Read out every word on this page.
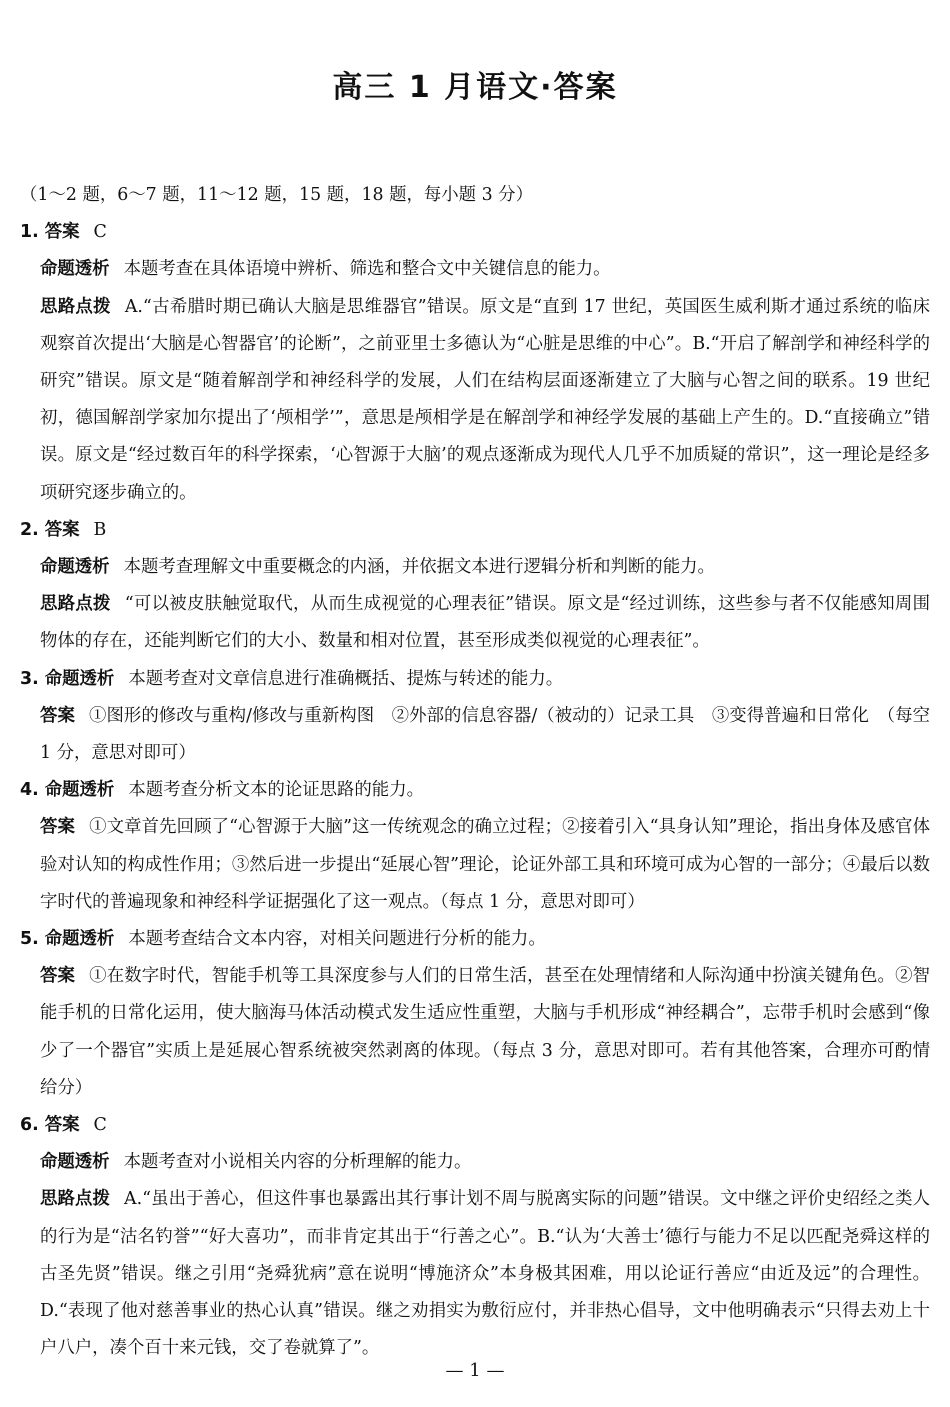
高三 1 月语文·答案
（1～2 题，6～7 题，11～12 题，15 题，18 题，每小题 3 分）
1. 答案 C
命题透析 本题考查在具体语境中辨析、筛选和整合文中关键信息的能力。
思路点拨 A.“古希腊时期已确认大脑是思维器官”错误。原文是“直到 17 世纪，英国医生威利斯才通过系统的临床观察首次提出‘大脑是心智器官’的论断”，之前亚里士多德认为“心脏是思维的中心”。B.“开启了解剖学和神经科学的研究”错误。原文是“随着解剖学和神经科学的发展，人们在结构层面逐渐建立了大脑与心智之间的联系。19 世纪初，德国解剖学家加尔提出了‘颅相学’”，意思是颅相学是在解剖学和神经学发展的基础上产生的。D.“直接确立”错误。原文是“经过数百年的科学探索，‘心智源于大脑’的观点逐渐成为现代人几乎不加质疑的常识”，这一理论是经多项研究逐步确立的。
2. 答案 B
命题透析 本题考查理解文中重要概念的内涵，并依据文本进行逻辑分析和判断的能力。
思路点拨 “可以被皮肤触觉取代，从而生成视觉的心理表征”错误。原文是“经过训练，这些参与者不仅能感知周围物体的存在，还能判断它们的大小、数量和相对位置，甚至形成类似视觉的心理表征”。
3. 命题透析 本题考查对文章信息进行准确概括、提炼与转述的能力。
答案 ①图形的修改与重构/修改与重新构图　②外部的信息容器/（被动的）记录工具　③变得普遍和日常化　（每空 1 分，意思对即可）
4. 命题透析 本题考查分析文本的论证思路的能力。
答案 ①文章首先回顾了“心智源于大脑”这一传统观念的确立过程；②接着引入“具身认知”理论，指出身体及感官体验对认知的构成性作用；③然后进一步提出“延展心智”理论，论证外部工具和环境可成为心智的一部分；④最后以数字时代的普遍现象和神经科学证据强化了这一观点。（每点 1 分，意思对即可）
5. 命题透析 本题考查结合文本内容，对相关问题进行分析的能力。
答案 ①在数字时代，智能手机等工具深度参与人们的日常生活，甚至在处理情绪和人际沟通中扮演关键角色。②智能手机的日常化运用，使大脑海马体活动模式发生适应性重塑，大脑与手机形成“神经耦合”，忘带手机时会感到“像少了一个器官”实质上是延展心智系统被突然剥离的体现。（每点 3 分，意思对即可。若有其他答案，合理亦可酌情给分）
6. 答案 C
命题透析 本题考查对小说相关内容的分析理解的能力。
思路点拨 A.“虽出于善心，但这件事也暴露出其行事计划不周与脱离实际的问题”错误。文中继之评价史绍经之类人的行为是“沽名钓誉”“好大喜功”，而非肯定其出于“行善之心”。B.“认为‘大善士’德行与能力不足以匹配尧舜这样的古圣先贤”错误。继之引用“尧舜犹病”意在说明“博施济众”本身极其困难，用以论证行善应“由近及远”的合理性。D.“表现了他对慈善事业的热心认真”错误。继之劝捐实为敷衍应付，并非热心倡导，文中他明确表示“只得去劝上十户八户，凑个百十来元钱，交了卷就算了”。
— 1 —
